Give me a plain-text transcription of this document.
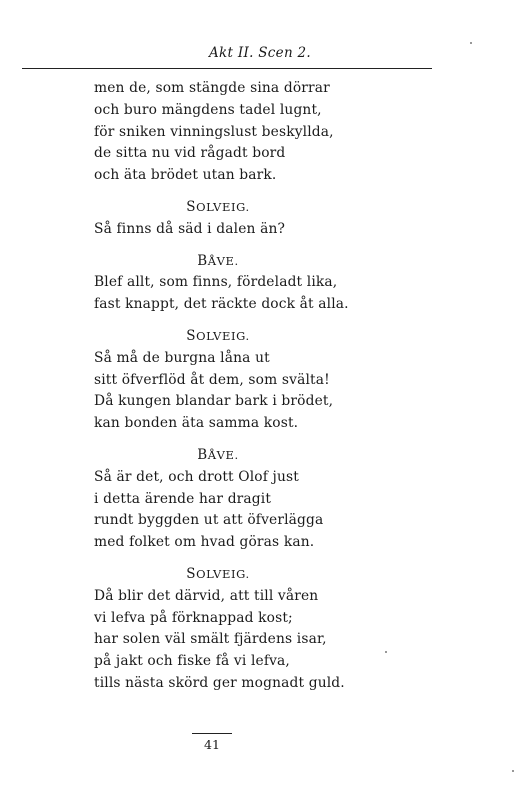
Akt II. Scen 2.
men de, som stängde sina dörrar
och buro mängdens tadel lugnt,
för sniken vinningslust beskyllda,
de sitta nu vid rågadt bord
och äta brödet utan bark.
SOLVEIG.
Så finns då säd i dalen än?
BÅVE.
Blef allt, som finns, fördeladt lika,
fast knappt, det räckte dock åt alla.
SOLVEIG.
Så må de burgna låna ut
sitt öfverflöd åt dem, som svälta!
Då kungen blandar bark i brödet,
kan bonden äta samma kost.
BÅVE.
Så är det, och drott Olof just
i detta ärende har dragit
rundt byggden ut att öfverlägga
med folket om hvad göras kan.
SOLVEIG.
Då blir det därvid, att till våren
vi lefva på förknappad kost;
har solen väl smält fjärdens isar,
på jakt och fiske få vi lefva,
tills nästa skörd ger mognadt guld.
41
